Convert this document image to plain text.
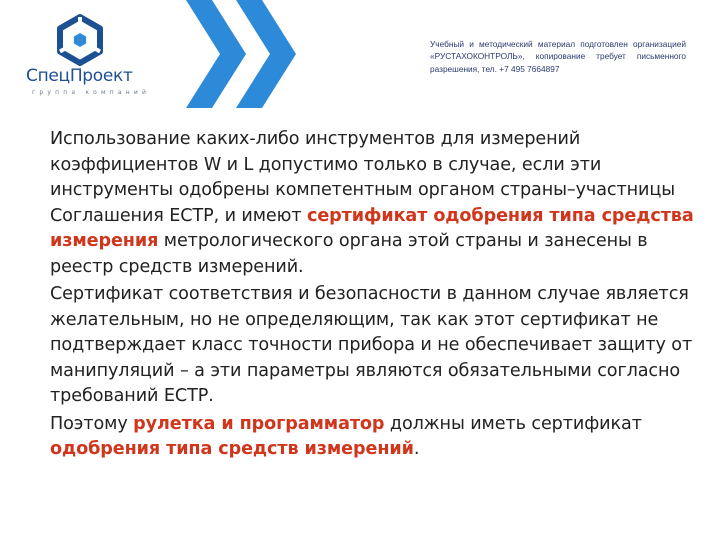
СпецПроект
группа компаний
Учебный и методический материал подготовлен организацией «РУСТАХОКОНТРОЛЬ», копирование требует письменного разрешения, тел. +7 495 7664897

Использование каких-либо инструментов для измерений коэффициентов W и L допустимо только в случае, если эти инструменты одобрены компетентным органом страны–участницы Соглашения ЕСТР, и имеют сертификат одобрения типа средства измерения метрологического органа этой страны и занесены в реестр средств измерений.

Сертификат соответствия и безопасности в данном случае является желательным, но не определяющим, так как этот сертификат не подтверждает класс точности прибора и не обеспечивает защиту от манипуляций – а эти параметры являются обязательными согласно требований ЕСТР.

Поэтому рулетка и программатор должны иметь сертификат одобрения типа средств измерений.
